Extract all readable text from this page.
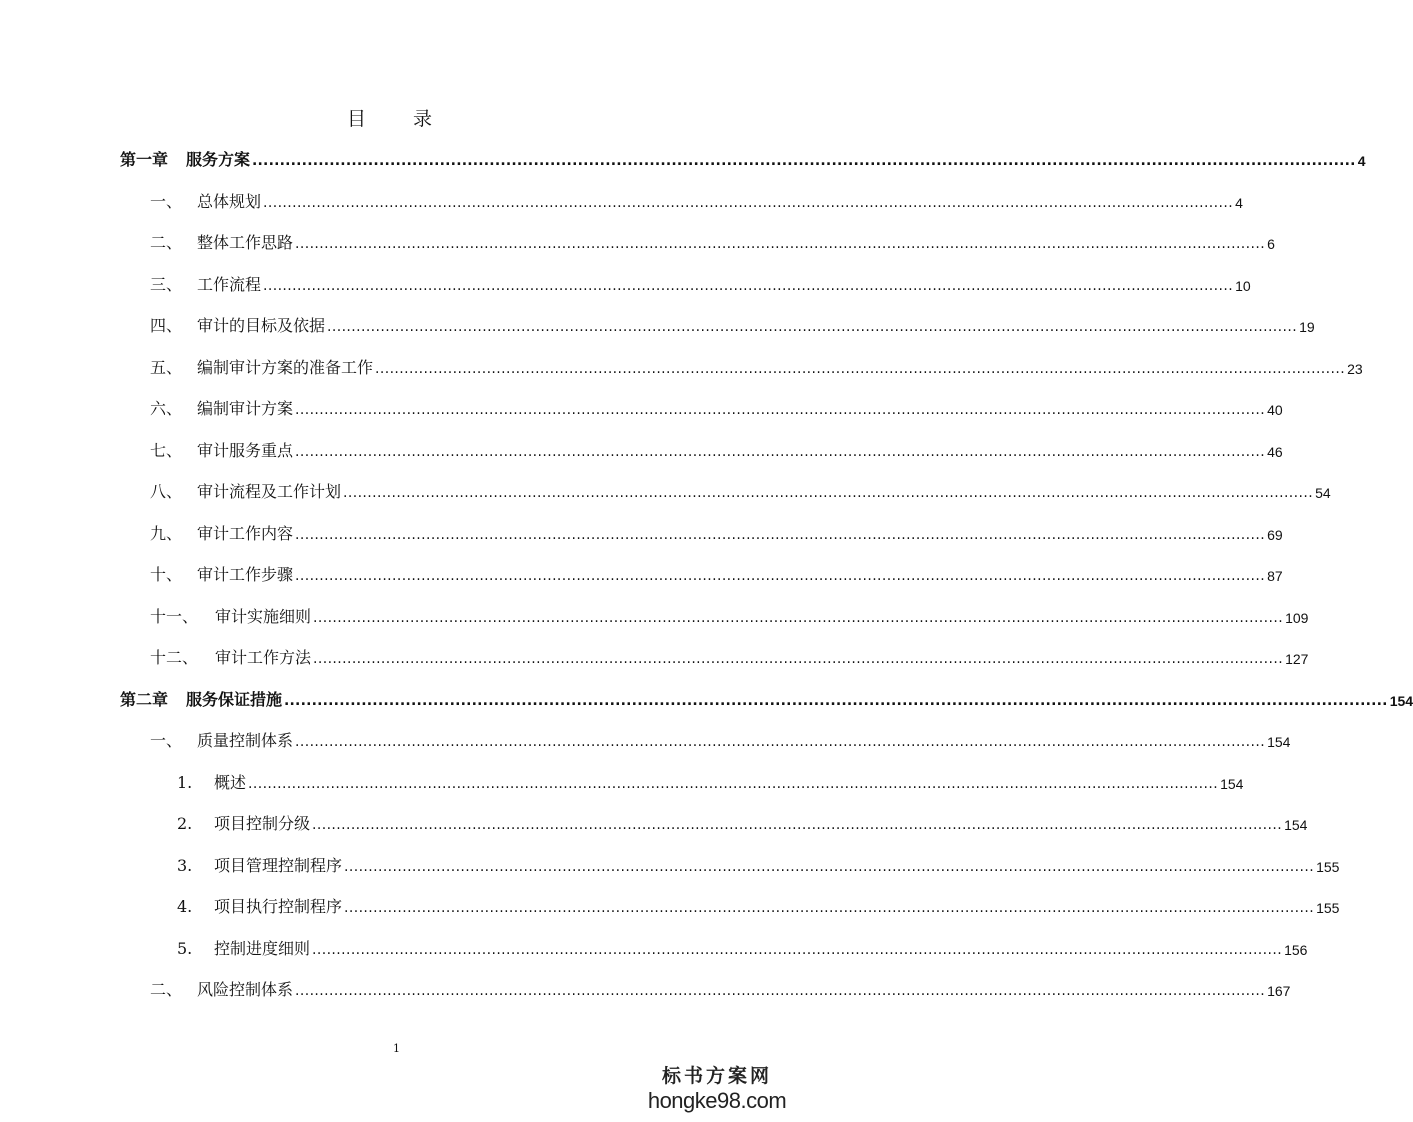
目　录
第一章	服务方案 ........................................................................................................................................................................................................ 4
一、 总体规划 ........................................................................................................................................................................................................ 4
二、 整体工作思路 ........................................................................................................................................................................................................ 6
三、 工作流程 ........................................................................................................................................................................................................ 10
四、 审计的目标及依据 ........................................................................................................................................................................................................ 19
五、 编制审计方案的准备工作 ........................................................................................................................................................................................................ 23
六、 编制审计方案 ........................................................................................................................................................................................................ 40
七、 审计服务重点 ........................................................................................................................................................................................................ 46
八、 审计流程及工作计划 ........................................................................................................................................................................................................ 54
九、 审计工作内容 ........................................................................................................................................................................................................ 69
十、 审计工作步骤 ........................................................................................................................................................................................................ 87
十一、	审计实施细则 ........................................................................................................................................................................................................ 109
十二、	审计工作方法 ........................................................................................................................................................................................................ 127
第二章	服务保证措施 ........................................................................................................................................................................................................ 154
一、 质量控制体系 ........................................................................................................................................................................................................ 154
1.	概述 ........................................................................................................................................................................................................ 154
2.	项目控制分级 ........................................................................................................................................................................................................ 154
3.	项目管理控制程序 ........................................................................................................................................................................................................ 155
4.	项目执行控制程序 ........................................................................................................................................................................................................ 155
5.	控制进度细则 ........................................................................................................................................................................................................ 156
二、 风险控制体系 ........................................................................................................................................................................................................ 167
1
标书方案网
hongke98.com
